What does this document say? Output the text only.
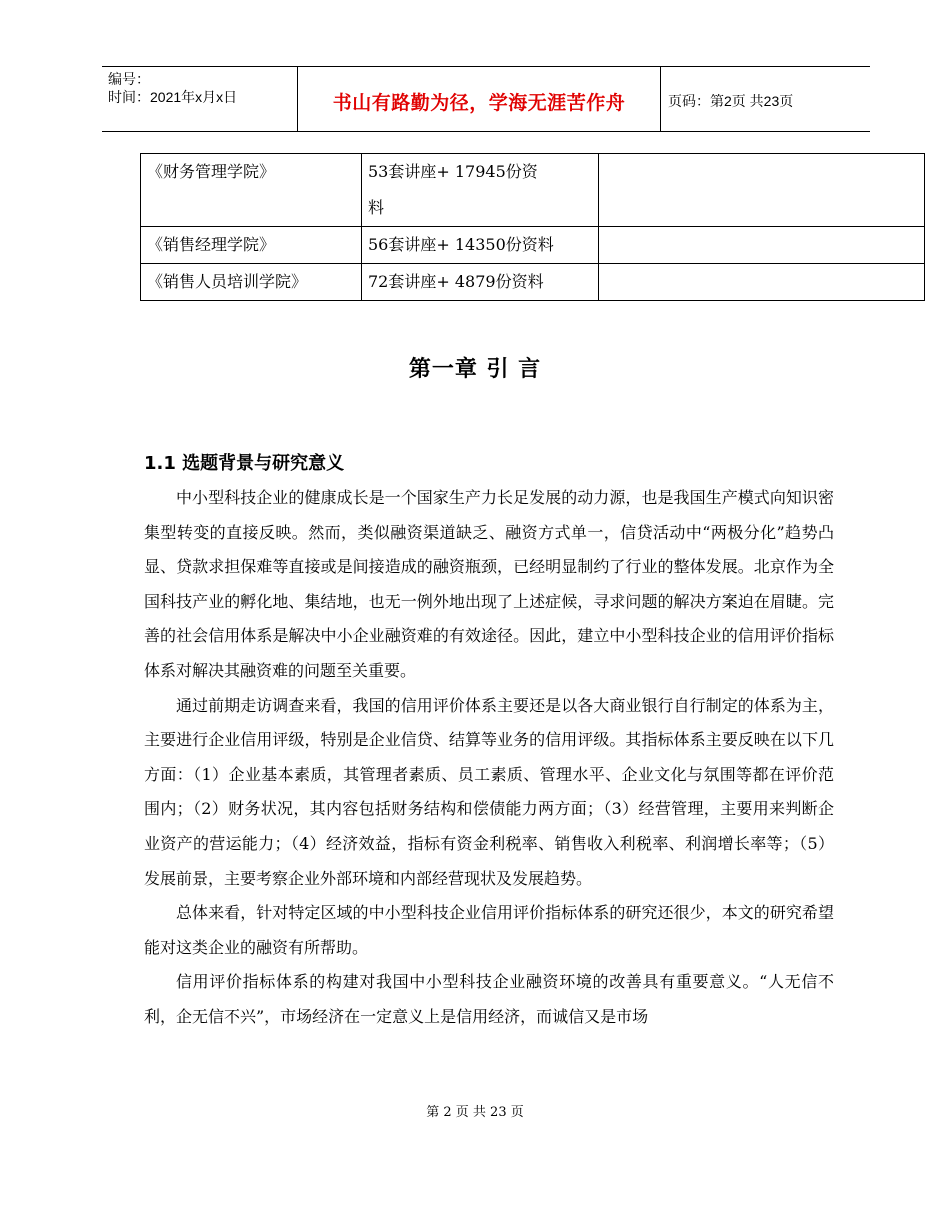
编号：
时间：2021年x月x日	书山有路勤为径，学海无涯苦作舟	页码：第2页 共23页
《财务管理学院》	53套讲座+ 17945份资
料	

《销售经理学院》	56套讲座+ 14350份资料	
《销售人员培训学院》	72套讲座+ 4879份资料	
第一章 引 言
1.1 选题背景与研究意义

中小型科技企业的健康成长是一个国家生产力长足发展的动力源，也是我国生产模式向知识密集型转变的直接反映。然而，类似融资渠道缺乏、融资方式单一，信贷活动中“两极分化”趋势凸显、贷款求担保难等直接或是间接造成的融资瓶颈，已经明显制约了行业的整体发展。北京作为全国科技产业的孵化地、集结地，也无一例外地出现了上述症候，寻求问题的解决方案迫在眉睫。完善的社会信用体系是解决中小企业融资难的有效途径。因此，建立中小型科技企业的信用评价指标体系对解决其融资难的问题至关重要。

通过前期走访调查来看，我国的信用评价体系主要还是以各大商业银行自行制定的体系为主，主要进行企业信用评级，特别是企业信贷、结算等业务的信用评级。其指标体系主要反映在以下几方面：（1）企业基本素质，其管理者素质、员工素质、管理水平、企业文化与氛围等都在评价范围内；（2）财务状况，其内容包括财务结构和偿债能力两方面；（3）经营管理，主要用来判断企业资产的营运能力；（4）经济效益，指标有资金利税率、销售收入利税率、利润增长率等；（5）发展前景，主要考察企业外部环境和内部经营现状及发展趋势。

总体来看，针对特定区域的中小型科技企业信用评价指标体系的研究还很少，本文的研究希望能对这类企业的融资有所帮助。

信用评价指标体系的构建对我国中小型科技企业融资环境的改善具有重要意义。“人无信不利，企无信不兴”，市场经济在一定意义上是信用经济，而诚信又是市场

第 2 页 共 23 页
